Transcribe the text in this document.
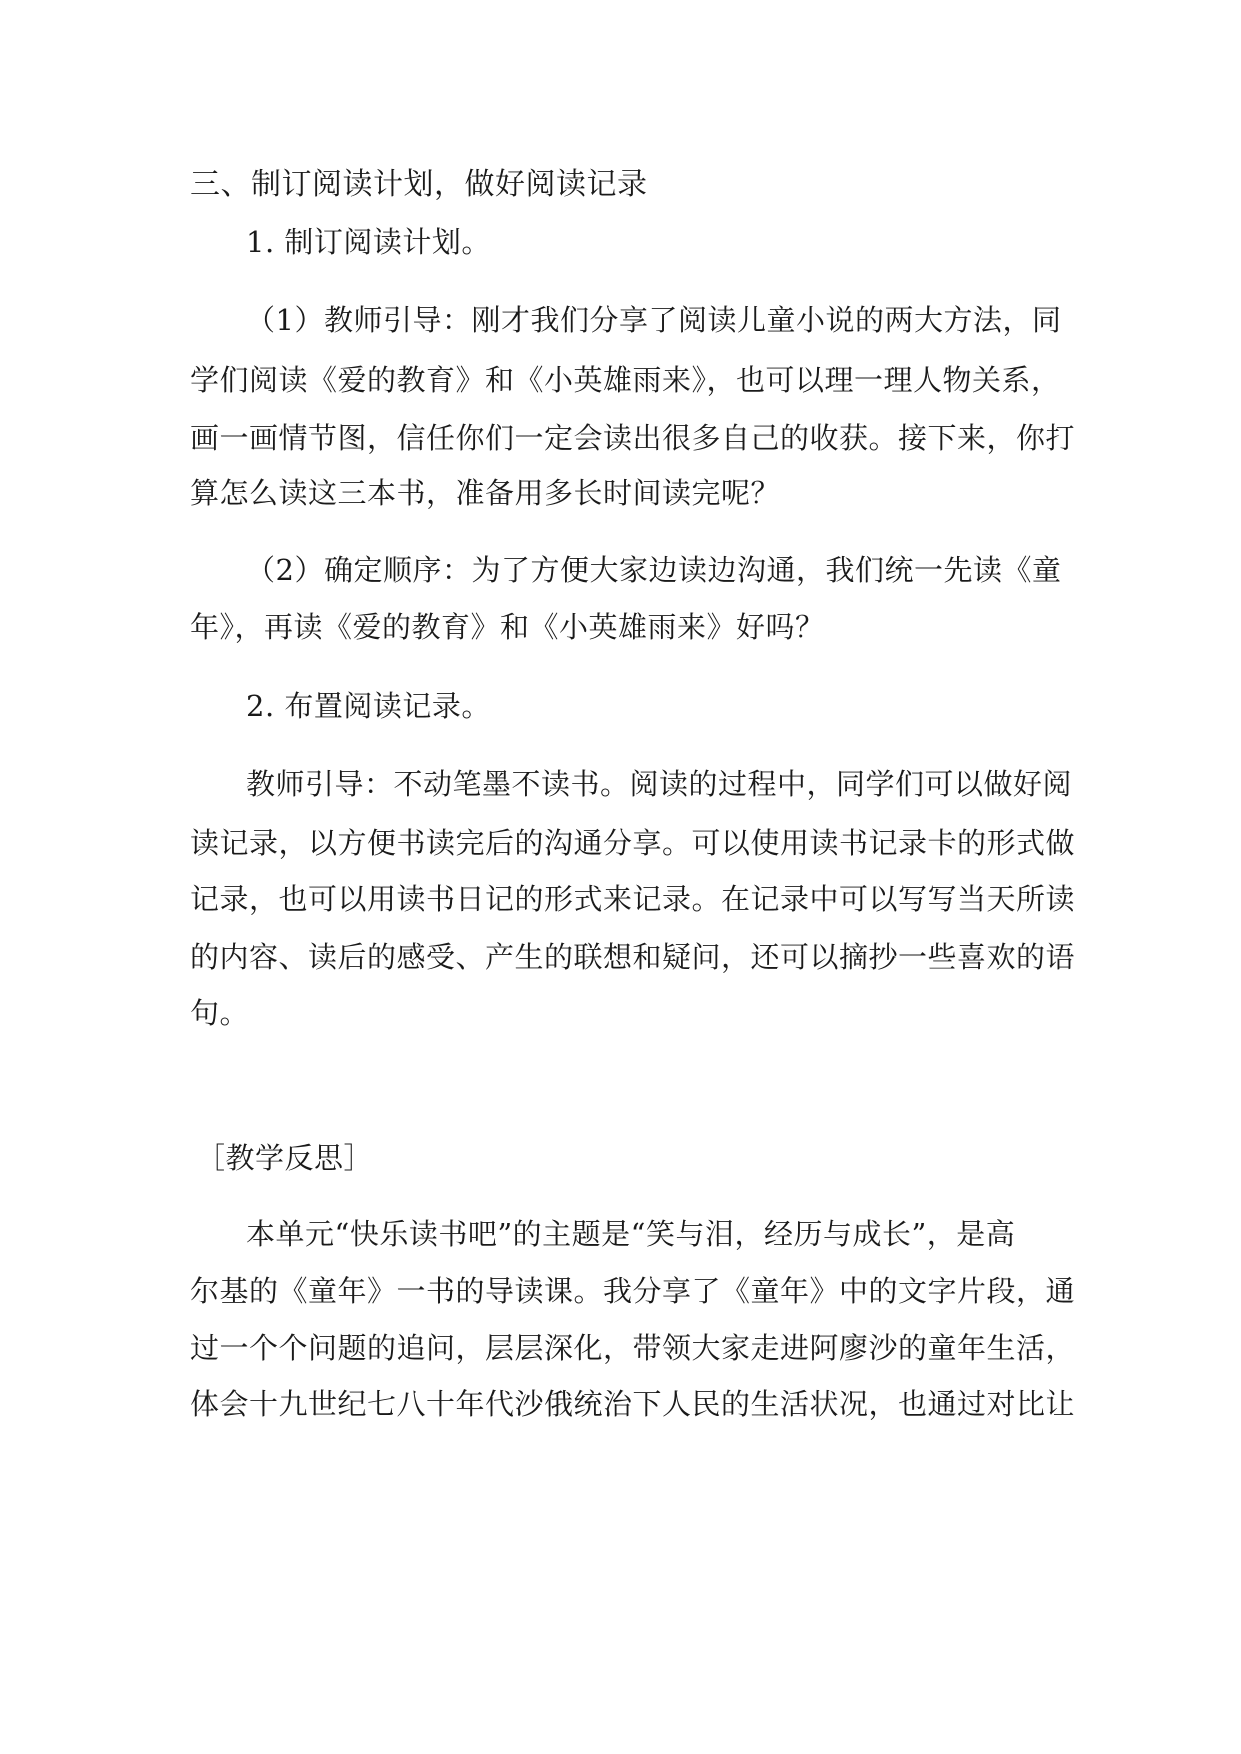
三、制订阅读计划，做好阅读记录
1. 制订阅读计划。
（1）教师引导：刚才我们分享了阅读儿童小说的两大方法，同
学们阅读《爱的教育》和《小英雄雨来》，也可以理一理人物关系，
画一画情节图，信任你们一定会读出很多自己的收获。接下来，你打
算怎么读这三本书，准备用多长时间读完呢？
（2）确定顺序：为了方便大家边读边沟通，我们统一先读《童
年》，再读《爱的教育》和《小英雄雨来》好吗？
2. 布置阅读记录。
教师引导：不动笔墨不读书。阅读的过程中，同学们可以做好阅
读记录，以方便书读完后的沟通分享。可以使用读书记录卡的形式做
记录，也可以用读书日记的形式来记录。在记录中可以写写当天所读
的内容、读后的感受、产生的联想和疑问，还可以摘抄一些喜欢的语
句。
［教学反思］
本单元“快乐读书吧”的主题是“笑与泪，经历与成长”，是高
尔基的《童年》一书的导读课。我分享了《童年》中的文字片段，通
过一个个问题的追问，层层深化，带领大家走进阿廖沙的童年生活，
体会十九世纪七八十年代沙俄统治下人民的生活状况，也通过对比让
